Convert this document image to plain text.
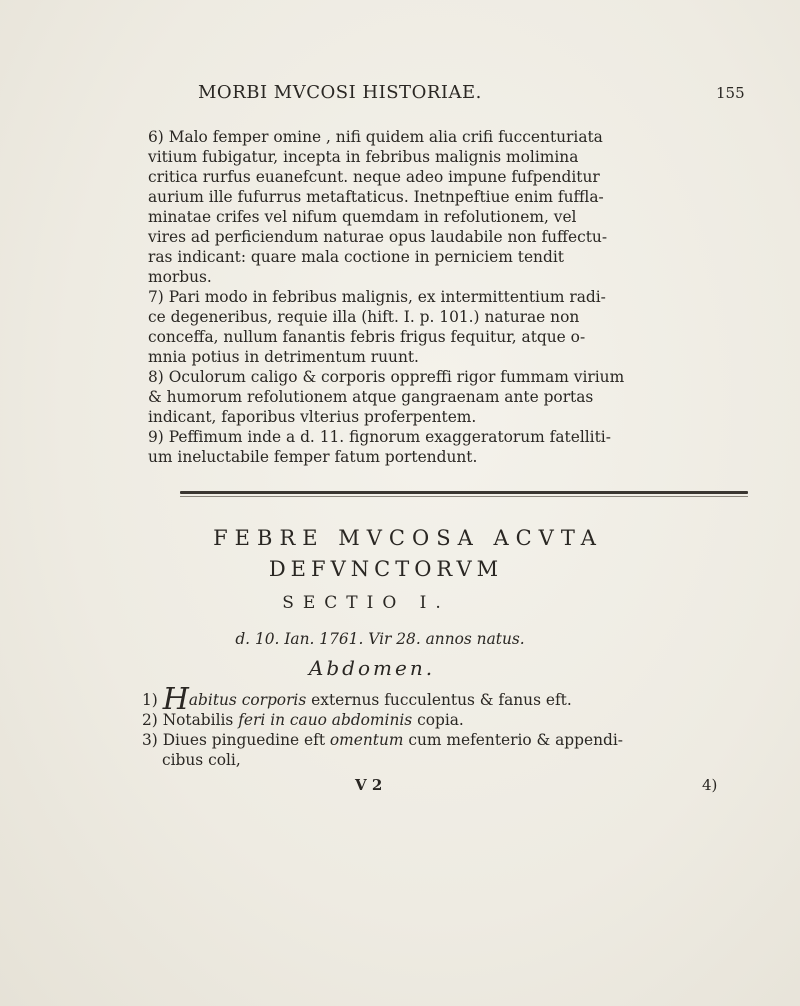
MORBI MVCOSI HISTORIAE.	155
6) Malo femper omine , nifi quidem alia crifi fuccenturiata
vitium fubigatur, incepta in febribus malignis molimina
critica rurfus euanefcunt. neque adeo impune fufpenditur
aurium ille fufurrus metaftaticus. Inetnpeftiue enim fuffla-
minatae crifes vel nifum quemdam in refolutionem, vel
vires ad perficiendum naturae opus laudabile non fuffectu-
ras indicant: quare mala coctione in perniciem tendit
morbus.
7) Pari modo in febribus malignis, ex intermittentium radi-
ce degeneribus, requie illa (hift. I. p. 101.) naturae non
conceffa, nullum fanantis febris frigus fequitur, atque o-
mnia potius in detrimentum ruunt.
8) Oculorum caligo & corporis oppreffi rigor fummam virium
& humorum refolutionem atque gangraenam ante portas
indicant, faporibus vlterius proferpentem.
9) Peffimum inde a d. 11. fignorum exaggeratorum fatelliti-
um ineluctabile femper fatum portendunt.
FEBRE MVCOSA ACVTA
DEFVNCTORVM
SECTIO I.
d. 10. Ian. 1761. Vir 28. annos natus.
Abdomen.
1) Habitus corporis externus fucculentus & fanus eft.
2) Notabilis feri in cauo abdominis copia.
3) Diues pinguedine eft omentum cum mefenterio & appendi-
cibus coli,
V 2	4)
